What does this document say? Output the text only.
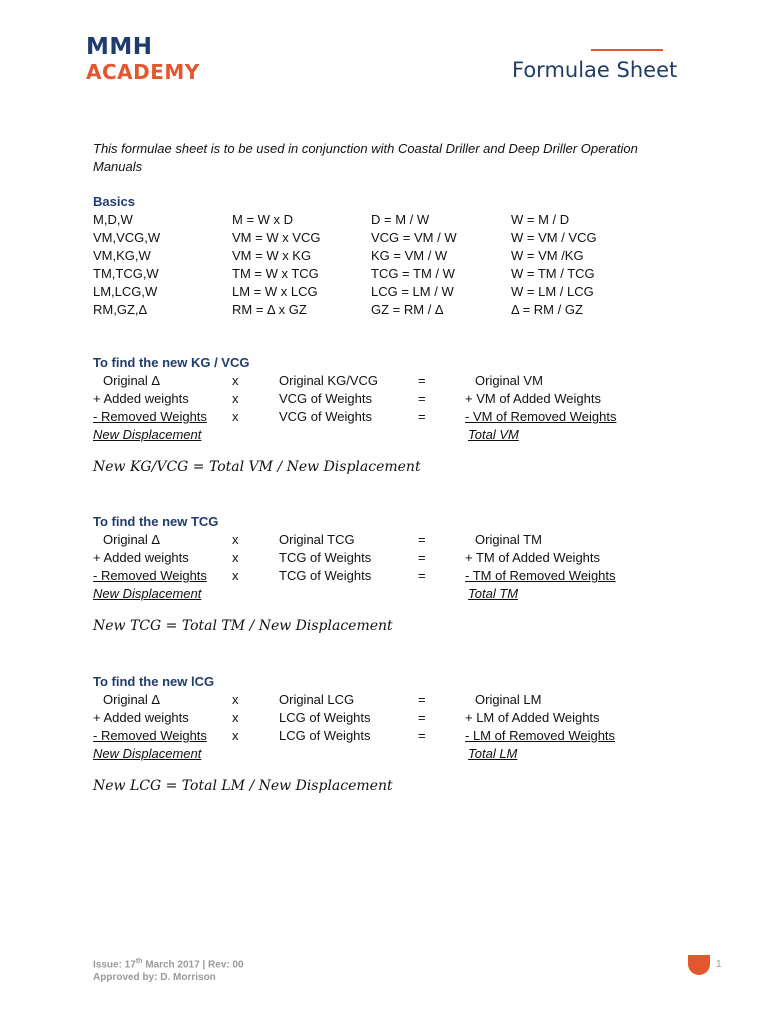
MMH
ACADEMY	Formulae Sheet
This formulae sheet is to be used in conjunction with Coastal Driller and Deep Driller Operation Manuals
Basics
M,D,W	M = W x D	D = M / W	W = M / D
VM,VCG,W	VM = W x VCG	VCG = VM / W	W = VM / VCG
VM,KG,W	VM = W x KG	KG = VM / W	W = VM /KG
TM,TCG,W	TM = W x TCG	TCG = TM / W	W = TM / TCG
LM,LCG,W	LM = W x LCG	LCG = LM / W	W = LM / LCG
RM,GZ,Δ	RM = Δ x GZ	GZ = RM / Δ	Δ = RM / GZ
To find the new KG / VCG
Original Δ	x	Original KG/VCG	=	Original VM
+ Added weights	x	VCG of Weights	=	+ VM of Added Weights
- Removed Weights x	VCG of Weights	=	- VM of Removed Weights
New Displacement	Total VM
New KG/VCG = Total VM / New Displacement
To find the new TCG
Original Δ	x	Original TCG	=	Original TM
+ Added weights	x	TCG of Weights	=	+ TM of Added Weights
- Removed Weights x	TCG of Weights	=	- TM of Removed Weights
New Displacement	Total TM
New TCG = Total TM / New Displacement
To find the new lCG
Original Δ	x	Original LCG	=	Original LM
+ Added weights	x	LCG of Weights	=	+ LM of Added Weights
- Removed Weights x	LCG of Weights	=	- LM of Removed Weights
New Displacement	Total LM
New LCG = Total LM / New Displacement
Issue: 17th March 2017 | Rev: 00
Approved by: D. Morrison
1
